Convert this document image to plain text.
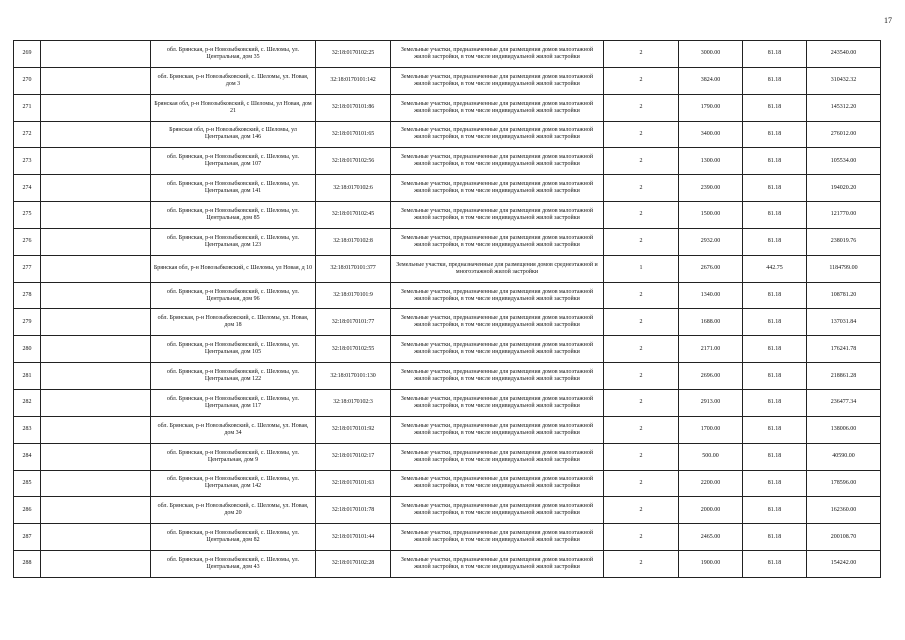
17
269		обл. Брянская, р-н Новозыбковский, с. Шеломы, ул. Центральная, дом 35	32:18:0170102:25	Земельные участки, предназначенные для размещения домов малоэтажной жилой застройки, в том числе индивидуальной жилой застройки	2	3000.00	81.18	243540.00
270		обл. Брянская, р-н Новозыбковский, с. Шеломы, ул. Новая, дом 3	32:18:0170101:142	Земельные участки, предназначенные для размещения домов малоэтажной жилой застройки, в том числе индивидуальной жилой застройки	2	3824.00	81.18	310432.32
271		Брянская обл, р-н Новозыбковский, с Шеломы, ул Новая, дом 21	32:18:0170101:86	Земельные участки, предназначенные для размещения домов малоэтажной жилой застройки, в том числе индивидуальной жилой застройки	2	1790.00	81.18	145312.20
272		Брянская обл, р-н Новозыбковский, с Шеломы, ул Центральная, дом 146	32:18:0170101:65	Земельные участки, предназначенные для размещения домов малоэтажной жилой застройки, в том числе индивидуальной жилой застройки	2	3400.00	81.18	276012.00
273		обл. Брянская, р-н Новозыбковский, с. Шеломы, ул. Центральная, дом 107	32:18:0170102:56	Земельные участки, предназначенные для размещения домов малоэтажной жилой застройки, в том числе индивидуальной жилой застройки	2	1300.00	81.18	105534.00
274		обл. Брянская, р-н Новозыбковский, с. Шеломы, ул. Центральная, дом 141	32:18:0170102:6	Земельные участки, предназначенные для размещения домов малоэтажной жилой застройки, в том числе индивидуальной жилой застройки	2	2390.00	81.18	194020.20
275		обл. Брянская, р-н Новозыбковский, с. Шеломы, ул. Центральная, дом 85	32:18:0170102:45	Земельные участки, предназначенные для размещения домов малоэтажной жилой застройки, в том числе индивидуальной жилой застройки	2	1500.00	81.18	121770.00
276		обл. Брянская, р-н Новозыбковский, с. Шеломы, ул. Центральная, дом 123	32:18:0170102:8	Земельные участки, предназначенные для размещения домов малоэтажной жилой застройки, в том числе индивидуальной жилой застройки	2	2932.00	81.18	238019.76
277		Брянская обл, р-н Новозыбковский, с Шеломы, ул Новая, д 10	32:18:0170101:377	Земельные участки, предназначенные для размещения домов среднеэтажной и многоэтажной жилой застройки	1	2676.00	442.75	1184799.00
278		обл. Брянская, р-н Новозыбковский, с. Шеломы, ул. Центральная, дом 96	32:18:0170101:9	Земельные участки, предназначенные для размещения домов малоэтажной жилой застройки, в том числе индивидуальной жилой застройки	2	1340.00	81.18	108781.20
279		обл. Брянская, р-н Новозыбковский, с. Шеломы, ул. Новая, дом 18	32:18:0170101:77	Земельные участки, предназначенные для размещения домов малоэтажной жилой застройки, в том числе индивидуальной жилой застройки	2	1688.00	81.18	137031.84
280		обл. Брянская, р-н Новозыбковский, с. Шеломы, ул. Центральная, дом 105	32:18:0170102:55	Земельные участки, предназначенные для размещения домов малоэтажной жилой застройки, в том числе индивидуальной жилой застройки	2	2171.00	81.18	176241.78
281		обл. Брянская, р-н Новозыбковский, с. Шеломы, ул. Центральная, дом 122	32:18:0170101:130	Земельные участки, предназначенные для размещения домов малоэтажной жилой застройки, в том числе индивидуальной жилой застройки	2	2696.00	81.18	218861.28
282		обл. Брянская, р-н Новозыбковский, с. Шеломы, ул. Центральная, дом 117	32:18:0170102:3	Земельные участки, предназначенные для размещения домов малоэтажной жилой застройки, в том числе индивидуальной жилой застройки	2	2913.00	81.18	236477.34
283		обл. Брянская, р-н Новозыбковский, с. Шеломы, ул. Новая, дом 34	32:18:0170101:92	Земельные участки, предназначенные для размещения домов малоэтажной жилой застройки, в том числе индивидуальной жилой застройки	2	1700.00	81.18	138006.00
284		обл. Брянская, р-н Новозыбковский, с. Шеломы, ул. Центральная, дом 9	32:18:0170102:17	Земельные участки, предназначенные для размещения домов малоэтажной жилой застройки, в том числе индивидуальной жилой застройки	2	500.00	81.18	40590.00
285		обл. Брянская, р-н Новозыбковский, с. Шеломы, ул. Центральная, дом 142	32:18:0170101:63	Земельные участки, предназначенные для размещения домов малоэтажной жилой застройки, в том числе индивидуальной жилой застройки	2	2200.00	81.18	178596.00
286		обл. Брянская, р-н Новозыбковский, с. Шеломы, ул. Новая, дом 20	32:18:0170101:78	Земельные участки, предназначенные для размещения домов малоэтажной жилой застройки, в том числе индивидуальной жилой застройки	2	2000.00	81.18	162360.00
287		обл. Брянская, р-н Новозыбковский, с. Шеломы, ул. Центральная, дом 82	32:18:0170101:44	Земельные участки, предназначенные для размещения домов малоэтажной жилой застройки, в том числе индивидуальной жилой застройки	2	2465.00	81.18	200108.70
288		обл. Брянская, р-н Новозыбковский, с. Шеломы, ул. Центральная, дом 43	32:18:0170102:28	Земельные участки, предназначенные для размещения домов малоэтажной жилой застройки, в том числе индивидуальной жилой застройки	2	1900.00	81.18	154242.00
